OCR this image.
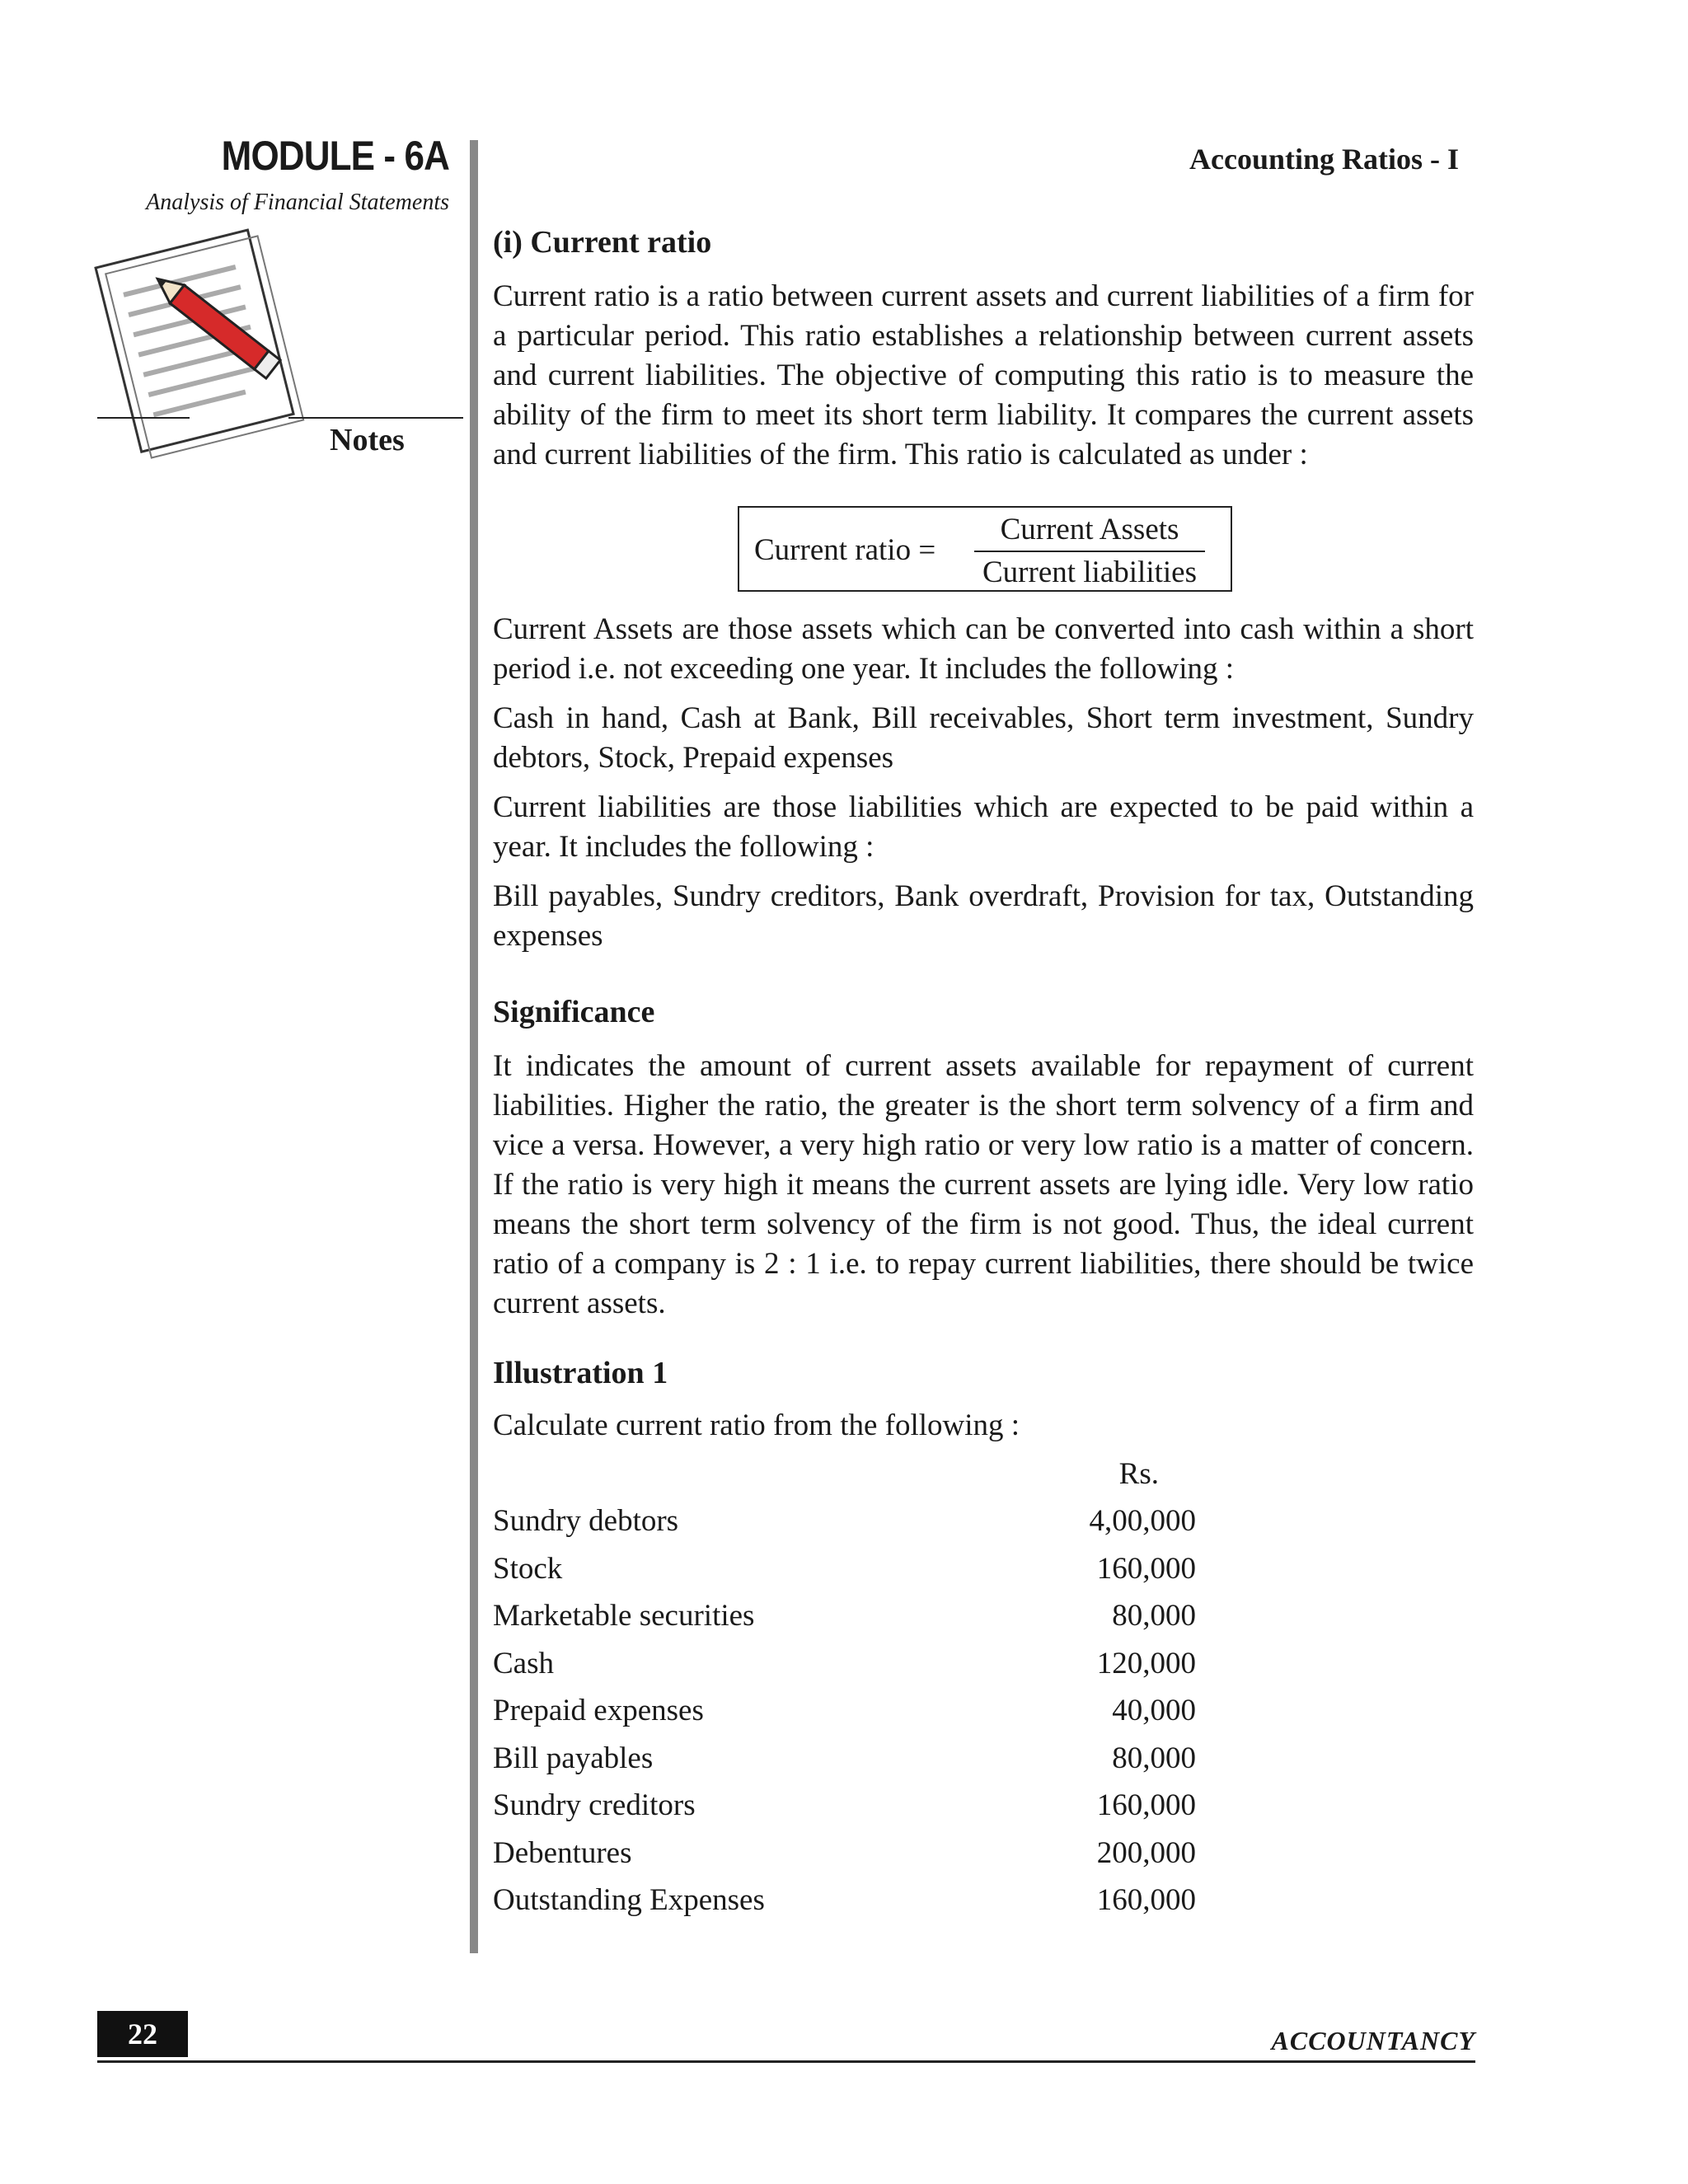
MODULE - 6A
Analysis of Financial Statements
Notes
Accounting Ratios - I

(i) Current ratio

Current ratio is a ratio between current assets and current liabilities of a firm for a particular period. This ratio establishes a relationship between current assets and current liabilities. The objective of computing this ratio is to measure the ability of the firm to meet its short term liability. It compares the current assets and current liabilities of the firm. This ratio is calculated as under :

Current ratio =
Current Assets
Current liabilities

Current Assets are those assets which can be converted into cash within a short period i.e. not exceeding one year. It includes the following :

Cash in hand, Cash at Bank, Bill receivables, Short term investment, Sundry debtors, Stock, Prepaid expenses

Current liabilities are those liabilities which are expected to be paid within a year. It includes the following :

Bill payables, Sundry creditors, Bank overdraft, Provision for tax, Outstanding expenses

Significance

It indicates the amount of current assets available for repayment of current liabilities. Higher the ratio, the greater is the short term solvency of a firm and vice a versa. However, a very high ratio or very low ratio is a matter of concern. If the ratio is very high it means the current assets are lying idle. Very low ratio means the short term solvency of the firm is not good. Thus, the ideal current ratio of a company is 2 : 1 i.e. to repay current liabilities, there should be twice current assets.

Illustration 1

Calculate current ratio from the following :

	Rs.
Sundry debtors	4,00,000
Stock	160,000
Marketable securities	80,000
Cash	120,000
Prepaid expenses	40,000
Bill payables	80,000
Sundry creditors	160,000
Debentures	200,000
Outstanding Expenses	160,000
22	ACCOUNTANCY
